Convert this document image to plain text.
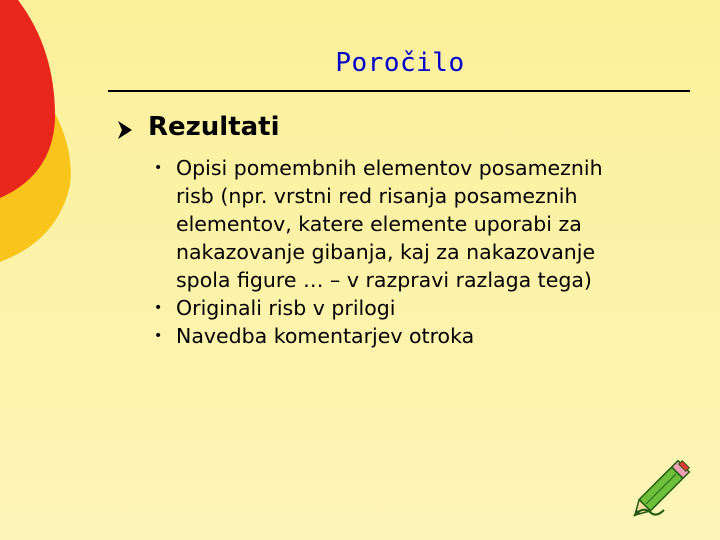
Poročilo
Rezultati
• Opisi pomembnih elementov posameznih risb (npr. vrstni red risanja posameznih elementov, katere elemente uporabi za nakazovanje gibanja, kaj za nakazovanje spola figure … – v razpravi razlaga tega)
• Originali risb v prilogi
• Navedba komentarjev otroka
